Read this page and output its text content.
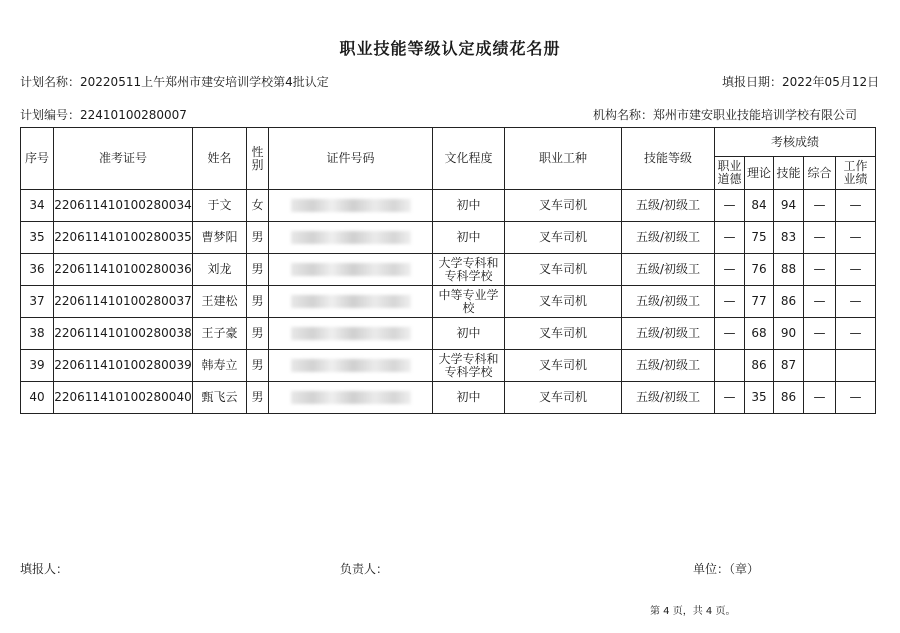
职业技能等级认定成绩花名册
计划名称：20220511上午郑州市建安培训学校第4批认定	填报日期：2022年05月12日
计划编号：22410100280007	机构名称：郑州市建安职业技能培训学校有限公司
序号	准考证号	姓名	性别	证件号码	文化程度	职业工种	技能等级	考核成绩				

								职业道德	理论	技能	综合	工作业绩

34	220611410100280034	于文	女		初中	叉车司机	五级/初级工	—	84	94	—	—
35	220611410100280035	曹梦阳	男		初中	叉车司机	五级/初级工	—	75	83	—	—
36	220611410100280036	刘龙	男		大学专科和专科学校	叉车司机	五级/初级工	—	76	88	—	—
37	220611410100280037	王建松	男		中等专业学校	叉车司机	五级/初级工	—	77	86	—	—
38	220611410100280038	王子豪	男		初中	叉车司机	五级/初级工	—	68	90	—	—
39	220611410100280039	韩寿立	男		大学专科和专科学校	叉车司机	五级/初级工		86	87		
40	220611410100280040	甄飞云	男		初中	叉车司机	五级/初级工	—	35	86	—	—
填报人：	负责人：	单位：（章）
第 4 页，共 4 页。
